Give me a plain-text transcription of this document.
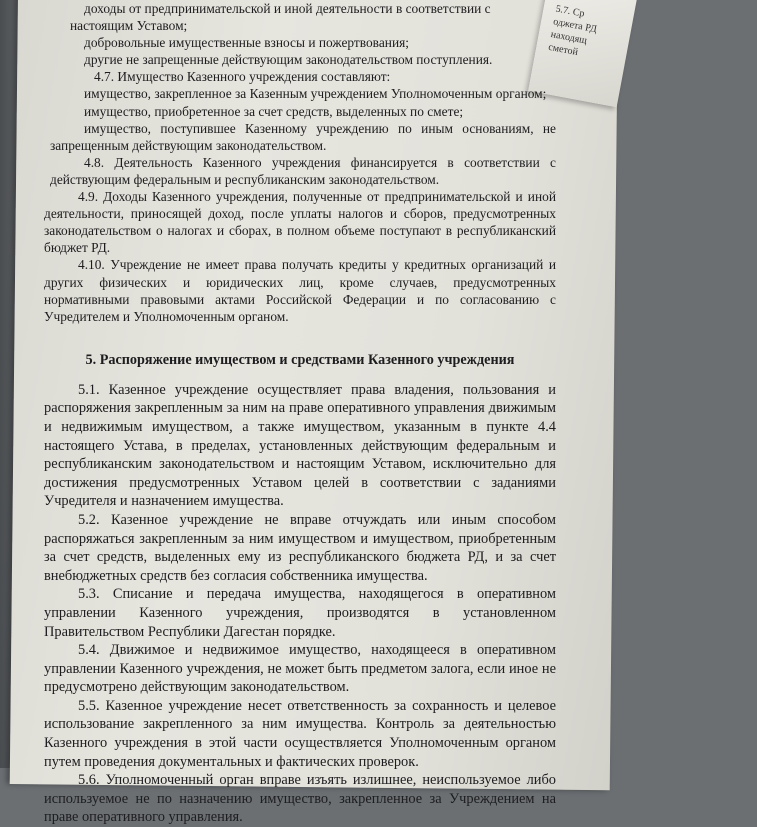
5.7. Ср
оджета РД
находящ
сметой

доходы от предпринимательской и иной деятельности в соответствии с

настоящим Уставом;

добровольные имущественные взносы и пожертвования;

другие не запрещенные действующим законодательством поступления.

4.7. Имущество Казенного учреждения составляют:

имущество, закрепленное за Казенным учреждением Уполномоченным органом;

имущество, приобретенное за счет средств, выделенных по смете;

имущество, поступившее Казенному учреждению по иным основаниям, не запрещенным действующим законодательством.

4.8. Деятельность Казенного учреждения финансируется в соответствии с действующим федеральным и республиканским законодательством.

4.9. Доходы Казенного учреждения, полученные от предпринимательской и иной деятельности, приносящей доход, после уплаты налогов и сборов, предусмотренных законодательством о налогах и сборах, в полном объеме поступают в республиканский бюджет РД.

4.10. Учреждение не имеет права получать кредиты у кредитных организаций и других физических и юридических лиц, кроме случаев, предусмотренных нормативными правовыми актами Российской Федерации и по согласованию с Учредителем и Уполномоченным органом.

5. Распоряжение имуществом и средствами Казенного учреждения

5.1. Казенное учреждение осуществляет права владения, пользования и распоряжения закрепленным за ним на праве оперативного управления движимым и недвижимым имуществом, а также имуществом, указанным в пункте 4.4 настоящего Устава, в пределах, установленных действующим федеральным и республиканским законодательством и настоящим Уставом, исключительно для достижения предусмотренных Уставом целей в соответствии с заданиями Учредителя и назначением имущества.

5.2. Казенное учреждение не вправе отчуждать или иным способом распоряжаться закрепленным за ним имуществом и имуществом, приобретенным за счет средств, выделенных ему из республиканского бюджета РД, и за счет внебюджетных средств без согласия собственника имущества.

5.3. Списание и передача имущества, находящегося в оперативном управлении Казенного учреждения, производятся в установленном Правительством Республики Дагестан порядке.

5.4. Движимое и недвижимое имущество, находящееся в оперативном управлении Казенного учреждения, не может быть предметом залога, если иное не предусмотрено действующим законодательством.

5.5. Казенное учреждение несет ответственность за сохранность и целевое использование закрепленного за ним имущества. Контроль за деятельностью Казенного учреждения в этой части осуществляется Уполномоченным органом путем проведения документальных и фактических проверок.

5.6. Уполномоченный орган вправе изъять излишнее, неиспользуемое либо используемое не по назначению имущество, закрепленное за Учреждением на праве оперативного управления.
